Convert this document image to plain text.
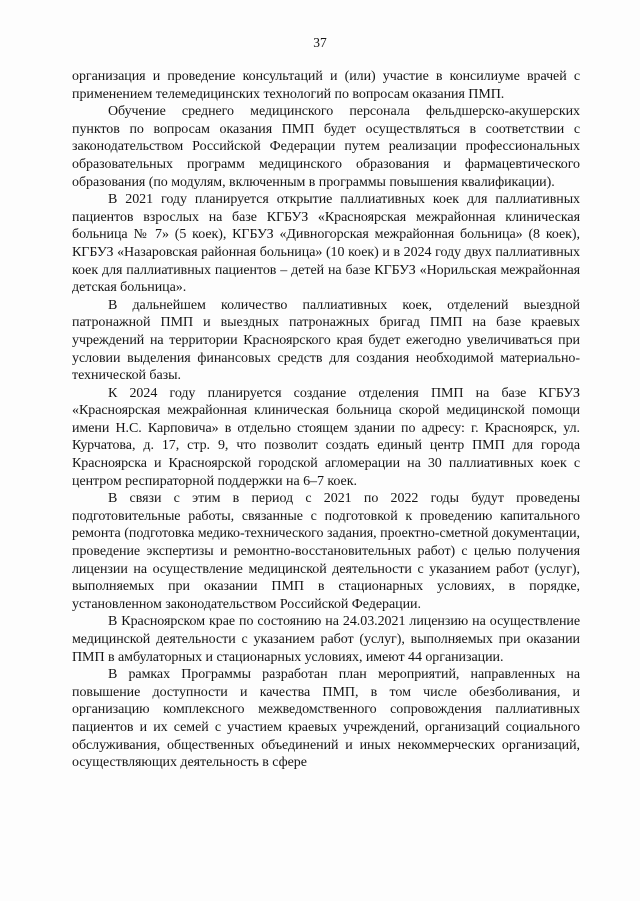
37

организация и проведение консультаций и (или) участие в консилиуме врачей с применением телемедицинских технологий по вопросам оказания ПМП.

Обучение среднего медицинского персонала фельдшерско-акушерских пунктов по вопросам оказания ПМП будет осуществляться в соответствии с законодательством Российской Федерации путем реализации профессиональных образовательных программ медицинского образования и фармацевтического образования (по модулям, включенным в программы повышения квалификации).

В 2021 году планируется открытие паллиативных коек для паллиативных пациентов взрослых на базе КГБУЗ «Красноярская межрайонная клиническая больница № 7» (5 коек), КГБУЗ «Дивногорская межрайонная больница» (8 коек), КГБУЗ «Назаровская районная больница» (10 коек) и в 2024 году двух паллиативных коек для паллиативных пациентов – детей на базе КГБУЗ «Норильская межрайонная детская больница».

В дальнейшем количество паллиативных коек, отделений выездной патронажной ПМП и выездных патронажных бригад ПМП на базе краевых учреждений на территории Красноярского края будет ежегодно увеличиваться при условии выделения финансовых средств для создания необходимой материально-технической базы.

К 2024 году планируется создание отделения ПМП на базе КГБУЗ «Красноярская межрайонная клиническая больница скорой медицинской помощи имени Н.С. Карповича» в отдельно стоящем здании по адресу: г. Красноярск, ул. Курчатова, д. 17, стр. 9, что позволит создать единый центр ПМП для города Красноярска и Красноярской городской агломерации на 30 паллиативных коек с центром респираторной поддержки на 6–7 коек.

В связи с этим в период с 2021 по 2022 годы будут проведены подготовительные работы, связанные с подготовкой к проведению капитального ремонта (подготовка медико-технического задания, проектно-сметной документации, проведение экспертизы и ремонтно-восстановительных работ) с целью получения лицензии на осуществление медицинской деятельности с указанием работ (услуг), выполняемых при оказании ПМП в стационарных условиях, в порядке, установленном законодательством Российской Федерации.

В Красноярском крае по состоянию на 24.03.2021 лицензию на осуществление медицинской деятельности с указанием работ (услуг), выполняемых при оказании ПМП в амбулаторных и стационарных условиях, имеют 44 организации.

В рамках Программы разработан план мероприятий, направленных на повышение доступности и качества ПМП, в том числе обезболивания, и организацию комплексного межведомственного сопровождения паллиативных пациентов и их семей с участием краевых учреждений, организаций социального обслуживания, общественных объединений и иных некоммерческих организаций, осуществляющих деятельность в сфере
